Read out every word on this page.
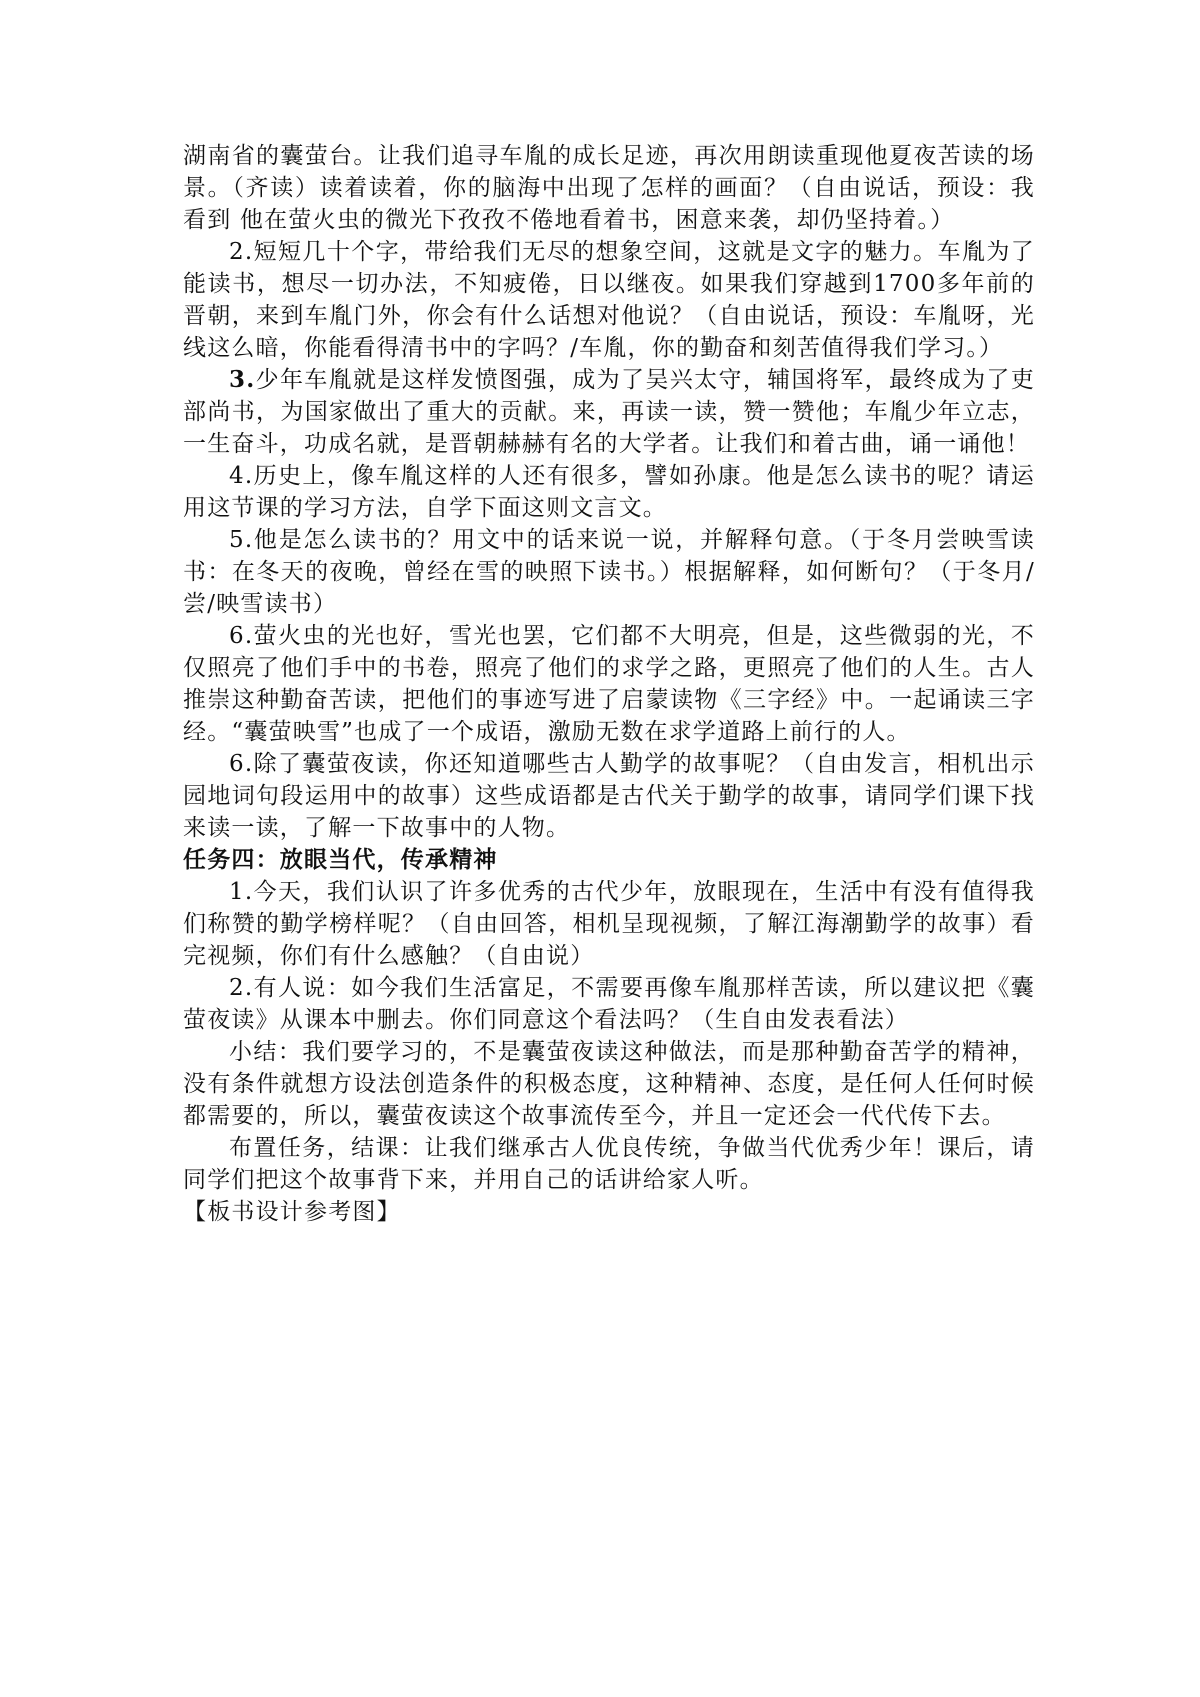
湖南省的囊萤台。让我们追寻车胤的成长足迹，再次用朗读重现他夏夜苦读的场景。（齐读）读着读着，你的脑海中出现了怎样的画面？（自由说话，预设：我看到 他在萤火虫的微光下孜孜不倦地看着书，困意来袭，却仍坚持着。）

2.短短几十个字，带给我们无尽的想象空间，这就是文字的魅力。车胤为了能读书，想尽一切办法，不知疲倦，日以继夜。如果我们穿越到1700多年前的晋朝，来到车胤门外，你会有什么话想对他说？（自由说话，预设：车胤呀，光线这么暗，你能看得清书中的字吗？/车胤，你的勤奋和刻苦值得我们学习。）

3.少年车胤就是这样发愤图强，成为了吴兴太守，辅国将军，最终成为了吏部尚书，为国家做出了重大的贡献。来，再读一读，赞一赞他；车胤少年立志，一生奋斗，功成名就，是晋朝赫赫有名的大学者。让我们和着古曲，诵一诵他！

4.历史上，像车胤这样的人还有很多，譬如孙康。他是怎么读书的呢？请运用这节课的学习方法，自学下面这则文言文。

5.他是怎么读书的？用文中的话来说一说，并解释句意。（于冬月尝映雪读书：在冬天的夜晚，曾经在雪的映照下读书。）根据解释，如何断句？（于冬月/尝/映雪读书）

6.萤火虫的光也好，雪光也罢，它们都不大明亮，但是，这些微弱的光，不仅照亮了他们手中的书卷，照亮了他们的求学之路，更照亮了他们的人生。古人推崇这种勤奋苦读，把他们的事迹写进了启蒙读物《三字经》中。一起诵读三字经。“囊萤映雪”也成了一个成语，激励无数在求学道路上前行的人。

6.除了囊萤夜读，你还知道哪些古人勤学的故事呢？（自由发言，相机出示园地词句段运用中的故事）这些成语都是古代关于勤学的故事，请同学们课下找来读一读，了解一下故事中的人物。

任务四：放眼当代，传承精神

1.今天，我们认识了许多优秀的古代少年，放眼现在，生活中有没有值得我们称赞的勤学榜样呢？（自由回答，相机呈现视频，了解江海潮勤学的故事）看完视频，你们有什么感触？（自由说）

2.有人说：如今我们生活富足，不需要再像车胤那样苦读，所以建议把《囊萤夜读》从课本中删去。你们同意这个看法吗？（生自由发表看法）

小结：我们要学习的，不是囊萤夜读这种做法，而是那种勤奋苦学的精神，没有条件就想方设法创造条件的积极态度，这种精神、态度，是任何人任何时候都需要的，所以，囊萤夜读这个故事流传至今，并且一定还会一代代传下去。

布置任务，结课：让我们继承古人优良传统，争做当代优秀少年！课后，请同学们把这个故事背下来，并用自己的话讲给家人听。

【板书设计参考图】
